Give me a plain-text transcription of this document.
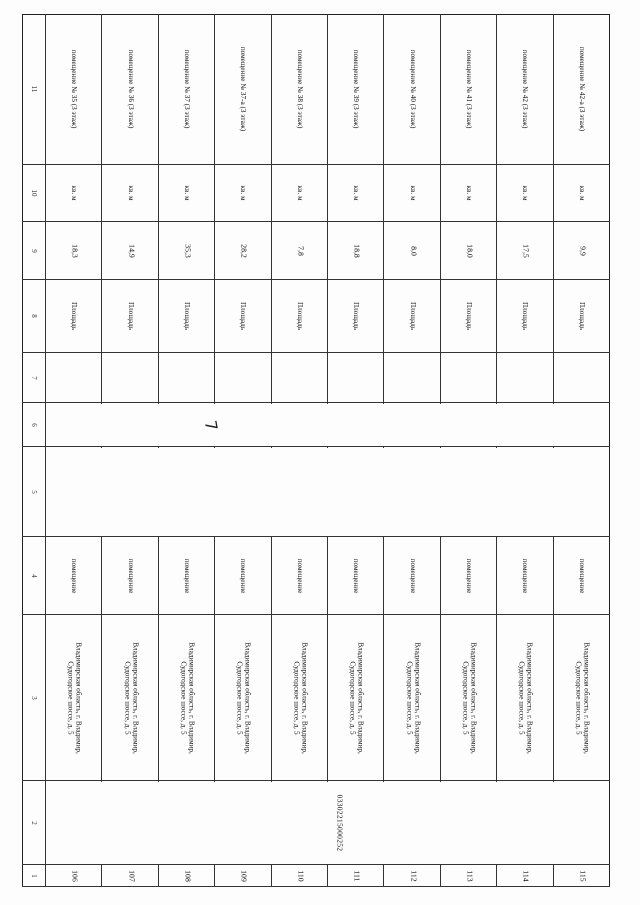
1
2
3
4
5
6
7
8
9
10
11
106
Владимирская область, г. Владимир, Судогодское шоссе, д. 5
помещение
Площадь
18,3
кв. м
помещение № 35 (3 этаж)
107
Владимирская область, г. Владимир, Судогодское шоссе, д. 5
помещение
Площадь
14,9
кв. м
помещение № 36 (3 этаж)
108
Владимирская область, г. Владимир, Судогодское шоссе, д. 5
помещение
Площадь
35,3
кв. м
помещение № 37 (3 этаж)
109
Владимирская область, г. Владимир, Судогодское шоссе, д. 5
помещение
Площадь
28,2
кв. м
помещение № 37-а (3 этаж)
110
Владимирская область, г. Владимир, Судогодское шоссе, д. 5
помещение
Площадь
7,8
кв. м
помещение № 38 (3 этаж)
111
Владимирская область, г. Владимир, Судогодское шоссе, д. 5
помещение
Площадь
18,8
кв. м
помещение № 39 (3 этаж)
112
Владимирская область, г. Владимир, Судогодское шоссе, д. 5
помещение
Площадь
8,0
кв. м
помещение № 40 (3 этаж)
113
Владимирская область, г. Владимир, Судогодское шоссе, д. 5
помещение
Площадь
18,0
кв. м
помещение № 41 (3 этаж)
114
Владимирская область, г. Владимир, Судогодское шоссе, д. 5
помещение
Площадь
17,5
кв. м
помещение № 42 (3 этаж)
115
Владимирская область, г. Владимир, Судогодское шоссе, д. 5
помещение
Площадь
9,9
кв. м
помещение № 42-а (3 этаж)
03302215000252
7
